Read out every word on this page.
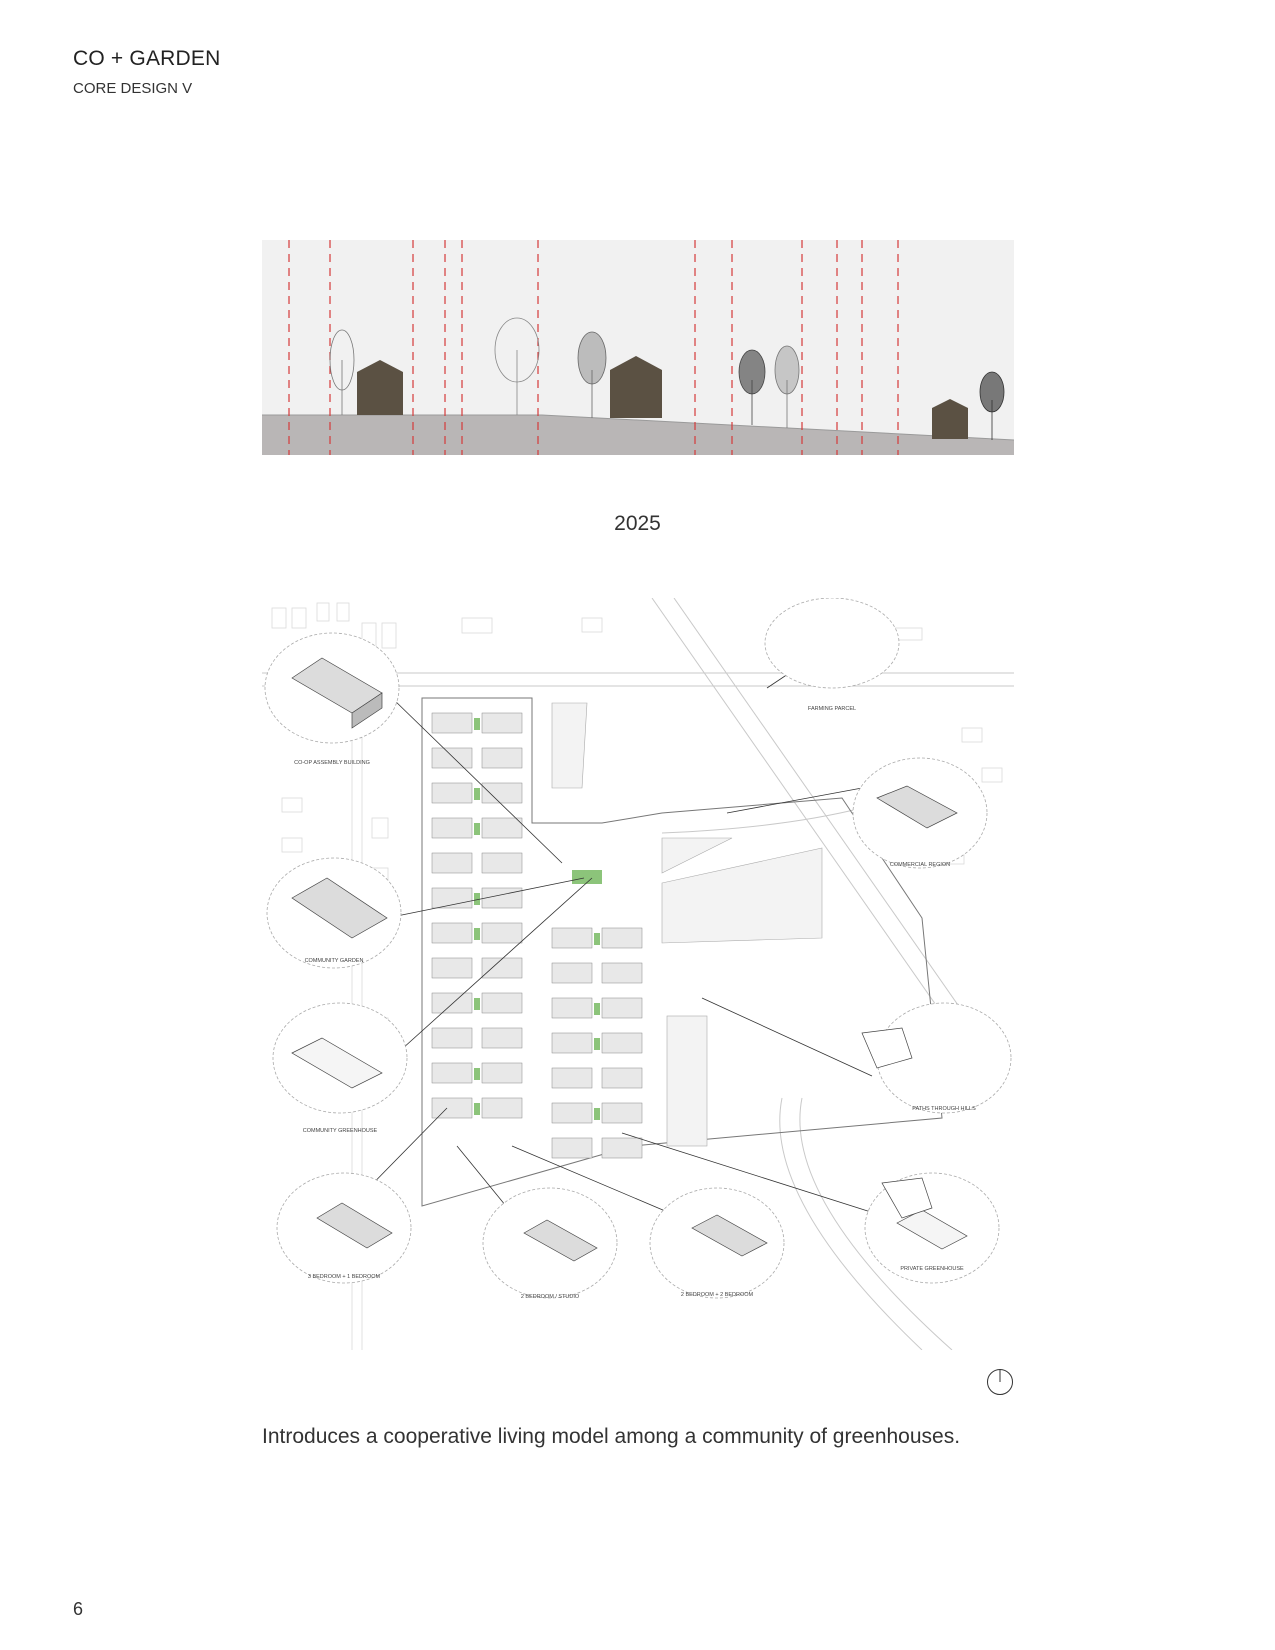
CO + GARDEN
CORE DESIGN V
2025
CO-OP ASSEMBLY BUILDING
COMMUNITY GARDEN
COMMUNITY GREENHOUSE
3 BEDROOM + 1 BEDROOM
2 BEDROOM / STUDIO	2 BEDROOM + 2 BEDROOM
PRIVATE GREENHOUSE
PATHS THROUGH HILLS
COMMERCIAL REGION
FARMING PARCEL
Introduces a cooperative living model among a community of greenhouses.
6
